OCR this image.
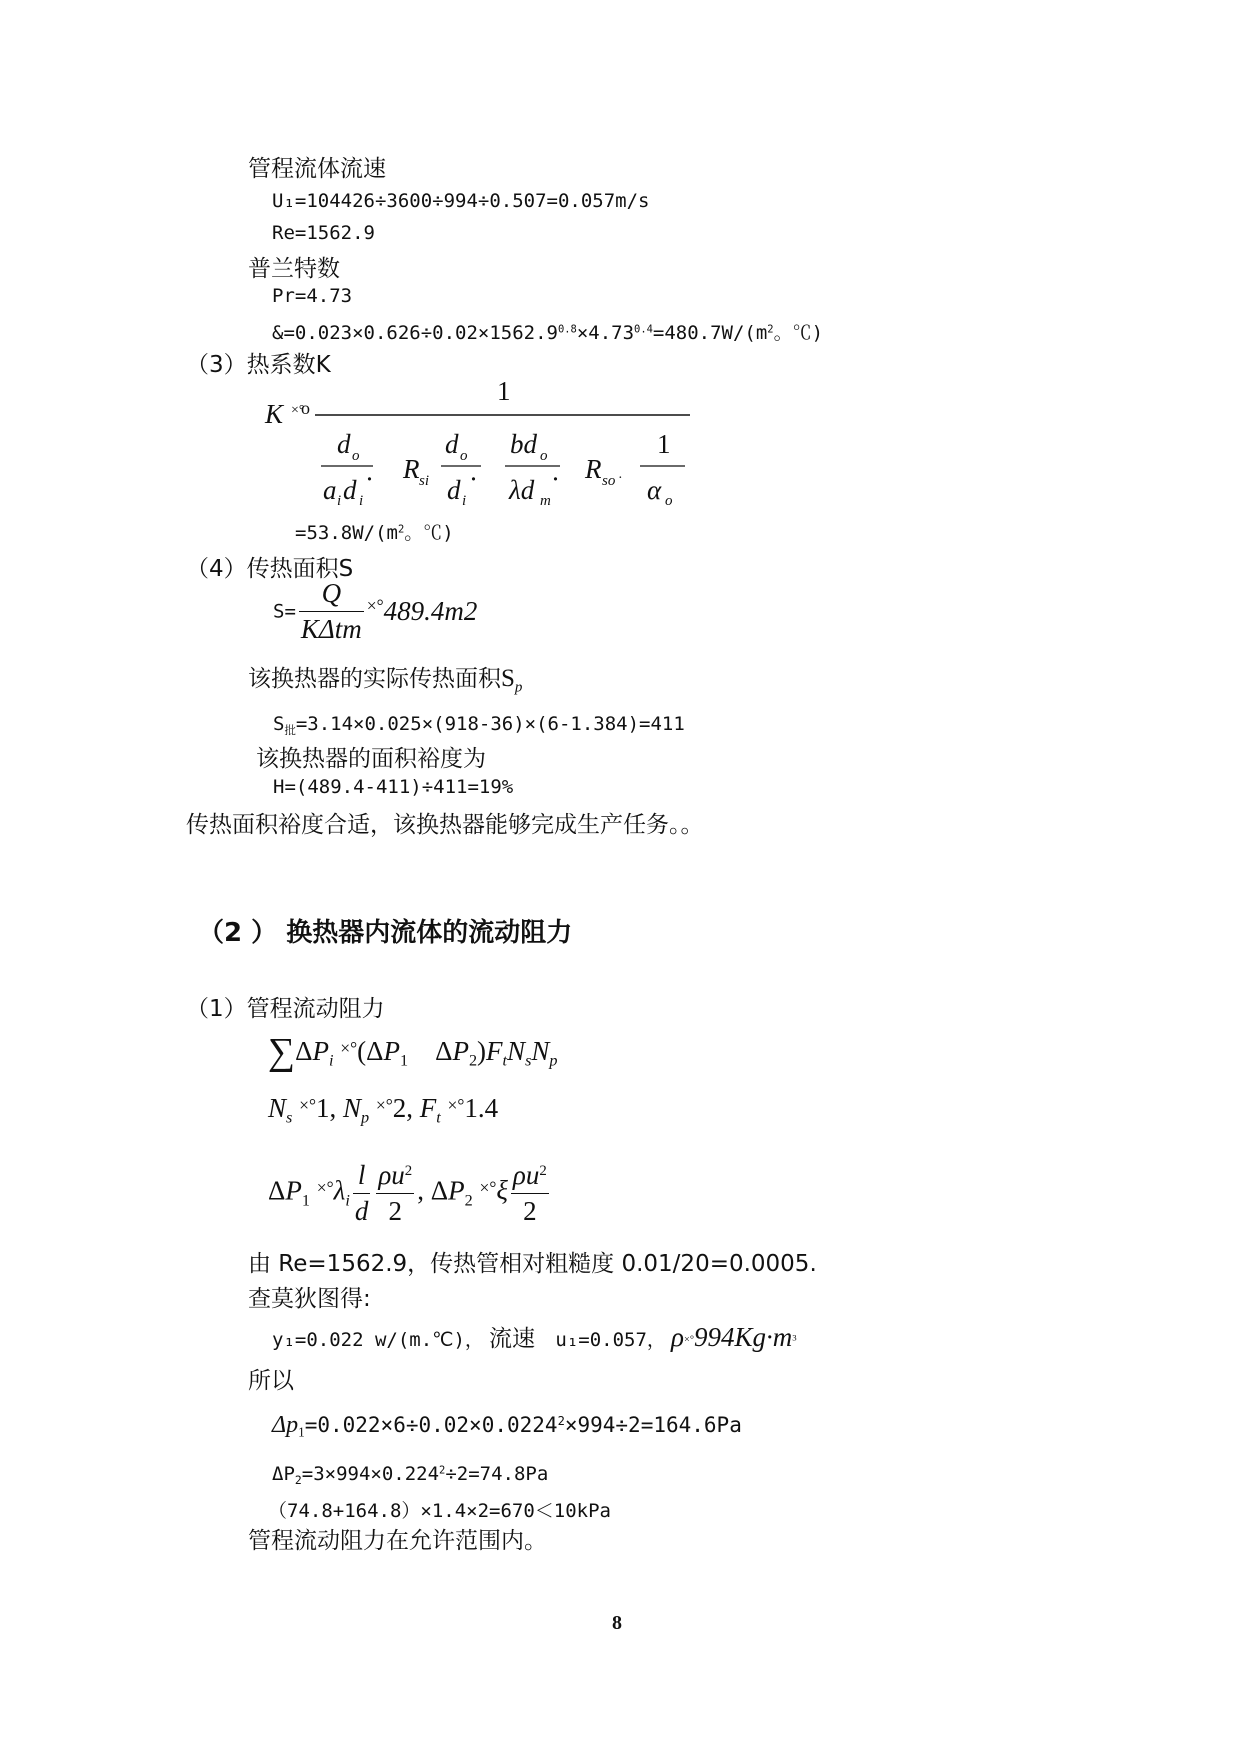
管程流体流速
U₁=104426÷3600÷994÷0.507=0.057m/s
Re=1562.9
普兰特数
Pr=4.73
$\&=0.023\times 0.626\div 0.02\times 1562.9^{0.8}\times 4.73^{0.4}=480.7W/(m^2$。℃)
（3）热系数K
K ×°
o
1
d o
a i d i
· R si
d o
d i
·
bd o
λd m
· R so ·
1
α o
$=53.8W/(m^2$。℃)
（4）传热面积S
$S= \frac{Q}{\text{KΔtm}} ^{\times^\circ}489.4m2$
该换热器的实际传热面积$S_p$
$S_批=3.14\times 0.025\times(918-36)\times(6-1.384)=411$
该换热器的面积裕度为
H=(489.4-411)÷411=19%
传热面积裕度合适，该换热器能够完成生产任务。。
（2 ） 换热器内流体的流动阻力
（1）管程流动阻力
$\sum\Delta P_i$ $^{\times^\circ}(\Delta P_1$    $\Delta P_2)F_tN_sN_p$
$N_s$ ×°1, $N_p$ ×°2, $F_t$ ×°1.4
$\Delta P_1$ $^{\times^\circ}\lambda_i \frac{l}{d} \frac{\rho u^2}{2}$ , $\Delta P_2$ $^{\times^\circ}\xi \frac{\rho u^2}{2}$
由 Re=1562.9，传热管相对粗糙度 0.01/20=0.0005.
查莫狄图得:
y₁=0.022 w/(m.℃)， 流速 u₁=0.057， $\rho^{\times^\circ}994Kg\cdot m^3$
所以
$\Delta p_1=0.022\times 6\div 0.02\times 0.0224^2\times 994\div 2=164.6Pa$
$\Delta P_2=3\times 994\times 0.224^2\div 2=74.8Pa$
（74.8+164.8）×1.4×2=670＜10kPa
管程流动阻力在允许范围内。
8
